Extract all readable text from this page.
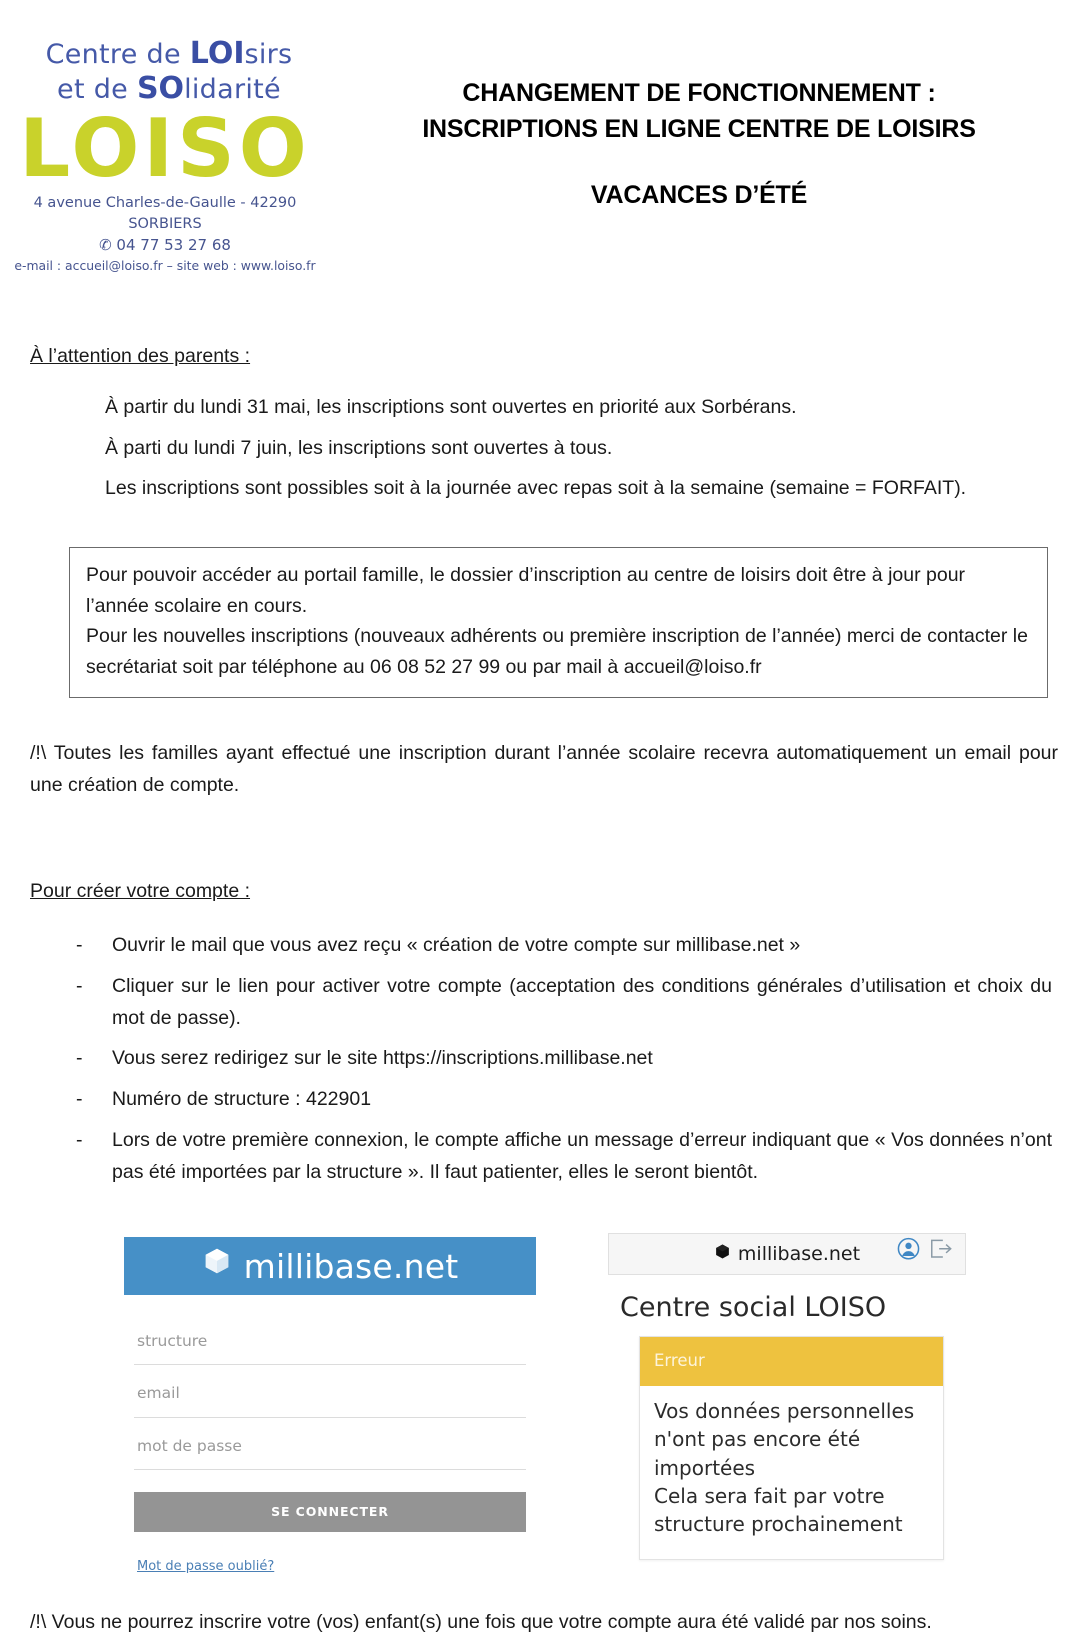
Centre de LOIsirs
et de SOlidarité
LOISO
4 avenue Charles-de-Gaulle - 42290 SORBIERS
✆ 04 77 53 27 68
e-mail : accueil@loiso.fr – site web : www.loiso.fr
CHANGEMENT DE FONCTIONNEMENT :
INSCRIPTIONS EN LIGNE CENTRE DE LOISIRS
VACANCES D’ÉTÉ
À l’attention des parents :

À partir du lundi 31 mai, les inscriptions sont ouvertes en priorité aux Sorbérans.

À parti du lundi 7 juin, les inscriptions sont ouvertes à tous.

Les inscriptions sont possibles soit à la journée avec repas soit à la semaine (semaine = FORFAIT).

Pour pouvoir accéder au portail famille, le dossier d’inscription au centre de loisirs doit être à jour pour l’année scolaire en cours.

Pour les nouvelles inscriptions (nouveaux adhérents ou première inscription de l’année) merci de contacter le secrétariat soit par téléphone au 06 08 52 27 99 ou par mail à accueil@loiso.fr

/!\ Toutes les familles ayant effectué une inscription durant l’année scolaire recevra automatiquement un email pour une création de compte.
Pour créer votre compte :
-	Ouvrir le mail que vous avez reçu « création de votre compte sur millibase.net »
-	Cliquer sur le lien pour activer votre compte (acceptation des conditions générales d’utilisation et choix du mot de passe).
-	Vous serez redirigez sur le site https://inscriptions.millibase.net
-	Numéro de structure : 422901
-	Lors de votre première connexion, le compte affiche un message d’erreur indiquant que « Vos données n’ont pas été importées par la structure ». Il faut patienter, elles le seront bientôt.
millibase.net
structure
email
mot de passe
SE CONNECTER
Mot de passe oublié?
millibase.net
Centre social LOISO
Erreur

Vos données personnelles

n'ont pas encore été

importées

Cela sera fait par votre

structure prochainement

/!\ Vous ne pourrez inscrire votre (vos) enfant(s) une fois que votre compte aura été validé par nos soins.
